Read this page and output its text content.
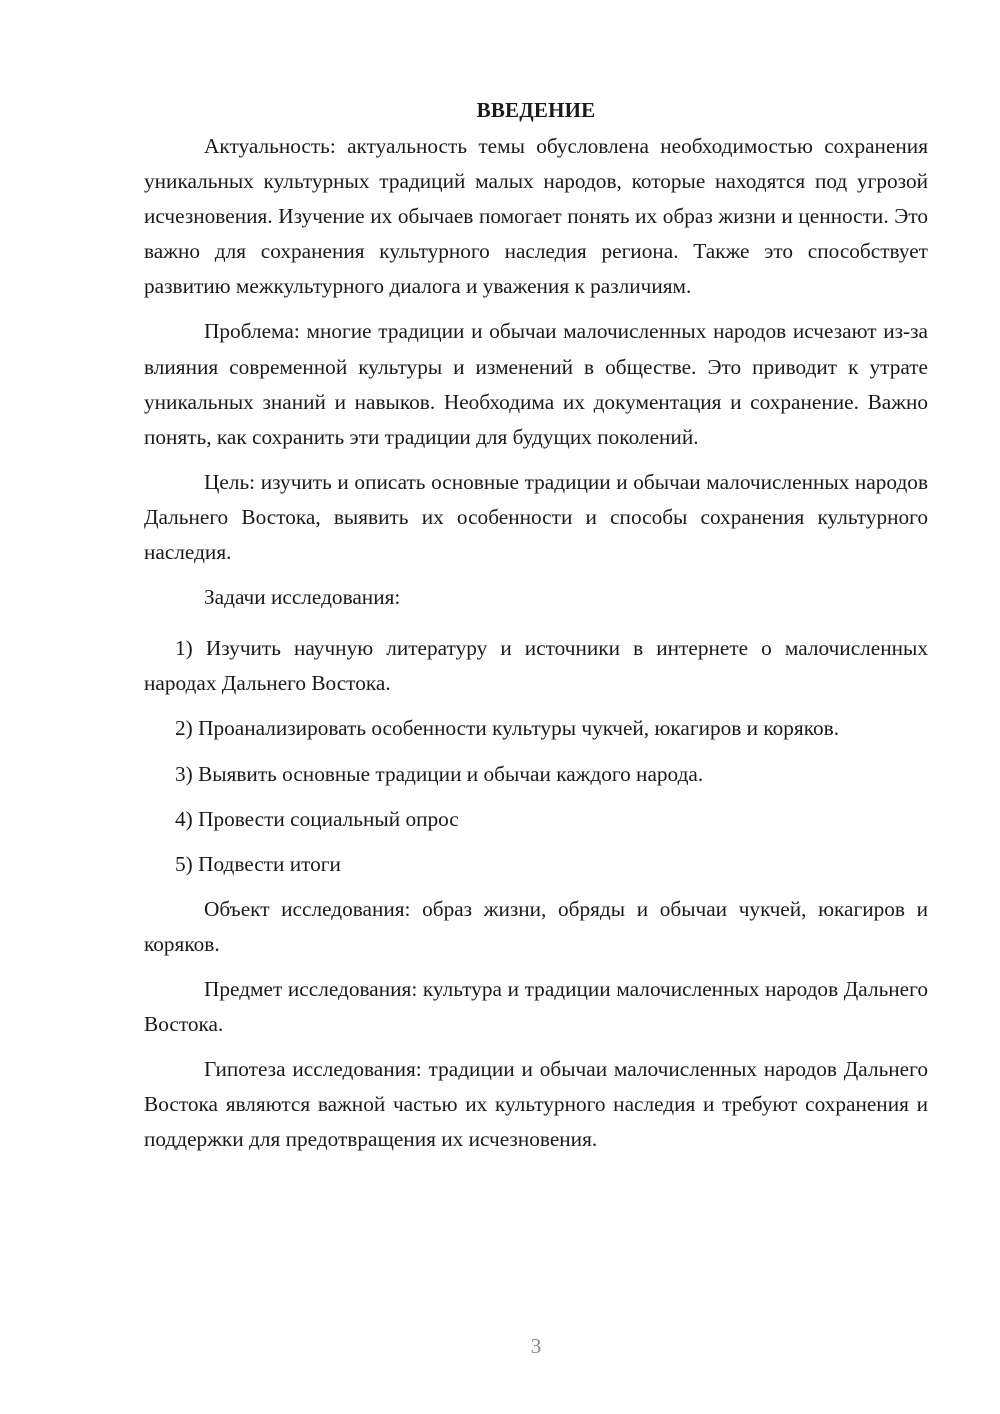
ВВЕДЕНИЕ

Актуальность: актуальность темы обусловлена необходимостью сохранения уникальных культурных традиций малых народов, которые находятся под угрозой исчезновения. Изучение их обычаев помогает понять их образ жизни и ценности. Это важно для сохранения культурного наследия региона. Также это способствует развитию межкультурного диалога и уважения к различиям.

Проблема: многие традиции и обычаи малочисленных народов исчезают из-за влияния современной культуры и изменений в обществе. Это приводит к утрате уникальных знаний и навыков. Необходима их документация и сохранение. Важно понять, как сохранить эти традиции для будущих поколений.

Цель: изучить и описать основные традиции и обычаи малочисленных народов Дальнего Востока, выявить их особенности и способы сохранения культурного наследия.

Задачи исследования:

1) Изучить научную литературу и источники в интернете о малочисленных народах Дальнего Востока.

2) Проанализировать особенности культуры чукчей, юкагиров и коряков.

3) Выявить основные традиции и обычаи каждого народа.

4) Провести социальный опрос

5) Подвести итоги

Объект исследования: образ жизни, обряды и обычаи чукчей, юкагиров и коряков.

Предмет исследования: культура и традиции малочисленных народов Дальнего Востока.

Гипотеза исследования: традиции и обычаи малочисленных народов Дальнего Востока являются важной частью их культурного наследия и требуют сохранения и поддержки для предотвращения их исчезновения.

3
